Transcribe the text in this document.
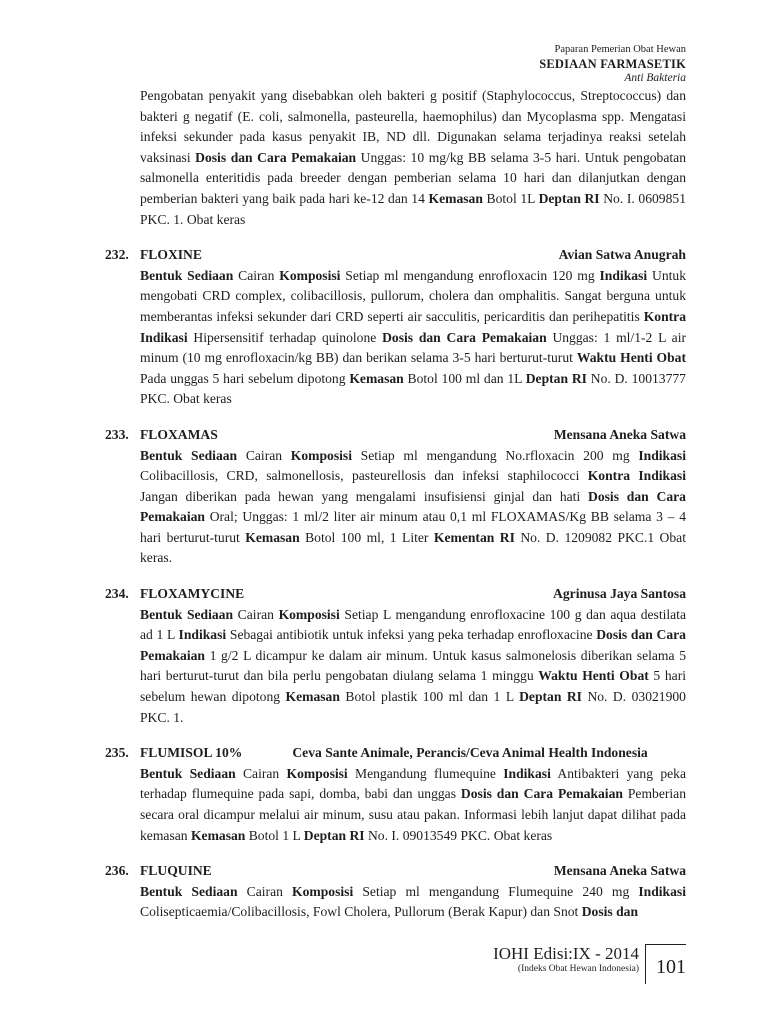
Paparan Pemerian Obat Hewan
SEDIAAN FARMASETIK
Anti Bakteria

Pengobatan penyakit yang disebabkan oleh bakteri g positif (Staphylococcus, Streptococcus) dan bakteri g negatif (E. coli, salmonella, pasteurella, haemophilus) dan Mycoplasma spp. Mengatasi infeksi sekunder pada kasus penyakit IB, ND dll. Digunakan selama terjadinya reaksi setelah vaksinasi Dosis dan Cara Pemakaian Unggas: 10 mg/kg BB selama 3-5 hari. Untuk pengobatan salmonella enteritidis pada breeder dengan pemberian selama 10 hari dan dilanjutkan dengan pemberian bakteri yang baik pada hari ke-12 dan 14 Kemasan Botol 1L Deptan RI No. I. 0609851 PKC. 1. Obat keras

232. FLOXINE	Avian Satwa Anugrah

Bentuk Sediaan Cairan Komposisi Setiap ml mengandung enrofloxacin 120 mg Indikasi Untuk mengobati CRD complex, colibacillosis, pullorum, cholera dan omphalitis. Sangat berguna untuk memberantas infeksi sekunder dari CRD seperti air sacculitis, pericarditis dan perihepatitis Kontra Indikasi Hipersensitif terhadap quinolone Dosis dan Cara Pemakaian Unggas: 1 ml/1-2 L air minum (10 mg enrofloxacin/kg BB) dan berikan selama 3-5 hari berturut-turut Waktu Henti Obat Pada unggas 5 hari sebelum dipotong Kemasan Botol 100 ml dan 1L Deptan RI No. D. 10013777 PKC. Obat keras

233. FLOXAMAS	Mensana Aneka Satwa

Bentuk Sediaan Cairan Komposisi Setiap ml mengandung No.rfloxacin 200 mg Indikasi Colibacillosis, CRD, salmonellosis, pasteurellosis dan infeksi staphilococci Kontra Indikasi Jangan diberikan pada hewan yang mengalami insufisiensi ginjal dan hati Dosis dan Cara Pemakaian Oral; Unggas: 1 ml/2 liter air minum atau 0,1 ml FLOXAMAS/Kg BB selama 3 – 4 hari berturut-turut Kemasan Botol 100 ml, 1 Liter Kementan RI No. D. 1209082 PKC.1 Obat keras.

234. FLOXAMYCINE	Agrinusa Jaya Santosa

Bentuk Sediaan Cairan Komposisi Setiap L mengandung enrofloxacine 100 g dan aqua destilata ad 1 L Indikasi Sebagai antibiotik untuk infeksi yang peka terhadap enrofloxacine Dosis dan Cara Pemakaian 1 g/2 L dicampur ke dalam air minum. Untuk kasus salmonelosis diberikan selama 5 hari berturut-turut dan bila perlu pengobatan diulang selama 1 minggu Waktu Henti Obat 5 hari sebelum hewan dipotong Kemasan Botol plastik 100 ml dan 1 L Deptan RI No. D. 03021900 PKC. 1.

235. FLUMISOL 10%	Ceva Sante Animale, Perancis/Ceva Animal Health Indonesia

Bentuk Sediaan Cairan Komposisi Mengandung flumequine Indikasi Antibakteri yang peka terhadap flumequine pada sapi, domba, babi dan unggas Dosis dan Cara Pemakaian Pemberian secara oral dicampur melalui air minum, susu atau pakan. Informasi lebih lanjut dapat dilihat pada kemasan Kemasan Botol 1 L Deptan RI No. I. 09013549 PKC. Obat keras

236. FLUQUINE	Mensana Aneka Satwa

Bentuk Sediaan Cairan Komposisi Setiap ml mengandung Flumequine 240 mg Indikasi Colisepticaemia/Colibacillosis, Fowl Cholera, Pullorum (Berak Kapur) dan Snot Dosis dan

IOHI Edisi:IX - 2014
(Indeks Obat Hewan Indonesia) 101
